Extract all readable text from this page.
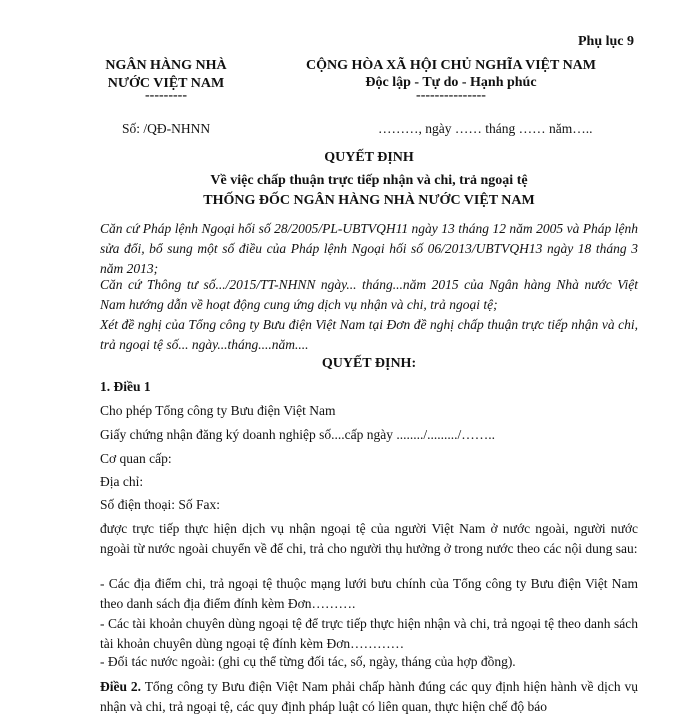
Phụ lục 9
NGÂN HÀNG NHÀ
NƯỚC VIỆT NAM
---------
Số: /QĐ-NHNN
CỘNG HÒA XÃ HỘI CHỦ NGHĨA VIỆT NAM
Độc lập - Tự do - Hạnh phúc
---------------
………, ngày …… tháng …… năm…..
QUYẾT ĐỊNH
Về việc chấp thuận trực tiếp nhận và chi, trả ngoại tệ
THỐNG ĐỐC NGÂN HÀNG NHÀ NƯỚC VIỆT NAM
Căn cứ Pháp lệnh Ngoại hối số 28/2005/PL-UBTVQH11 ngày 13 tháng 12 năm 2005 và Pháp lệnh sửa đổi, bổ sung một số điều của Pháp lệnh Ngoại hối số 06/2013/UBTVQH13 ngày 18 tháng 3 năm 2013;
Căn cứ Thông tư số.../2015/TT-NHNN ngày... tháng...năm 2015 của Ngân hàng Nhà nước Việt Nam hướng dẫn về hoạt động cung ứng dịch vụ nhận và chi, trả ngoại tệ;
Xét đề nghị của Tổng công ty Bưu điện Việt Nam tại Đơn đề nghị chấp thuận trực tiếp nhận và chi, trả ngoại tệ số... ngày...tháng....năm....
QUYẾT ĐỊNH:
1. Điều 1
Cho phép Tổng công ty Bưu điện Việt Nam
Giấy chứng nhận đăng ký doanh nghiệp số....cấp ngày ......../........./……..
Cơ quan cấp:
Địa chỉ:
Số điện thoại: Số Fax:
được trực tiếp thực hiện dịch vụ nhận ngoại tệ của người Việt Nam ở nước ngoài, người nước ngoài từ nước ngoài chuyển về để chi, trả cho người thụ hưởng ở trong nước theo các nội dung sau:
- Các địa điểm chi, trả ngoại tệ thuộc mạng lưới bưu chính của Tổng công ty Bưu điện Việt Nam theo danh sách địa điểm đính kèm Đơn……….
- Các tài khoản chuyên dùng ngoại tệ để trực tiếp thực hiện nhận và chi, trả ngoại tệ theo danh sách tài khoản chuyên dùng ngoại tệ đính kèm Đơn…………
- Đối tác nước ngoài: (ghi cụ thể từng đối tác, số, ngày, tháng của hợp đồng).
Điều 2. Tổng công ty Bưu điện Việt Nam phải chấp hành đúng các quy định hiện hành về dịch vụ nhận và chi, trả ngoại tệ, các quy định pháp luật có liên quan, thực hiện chế độ báo
